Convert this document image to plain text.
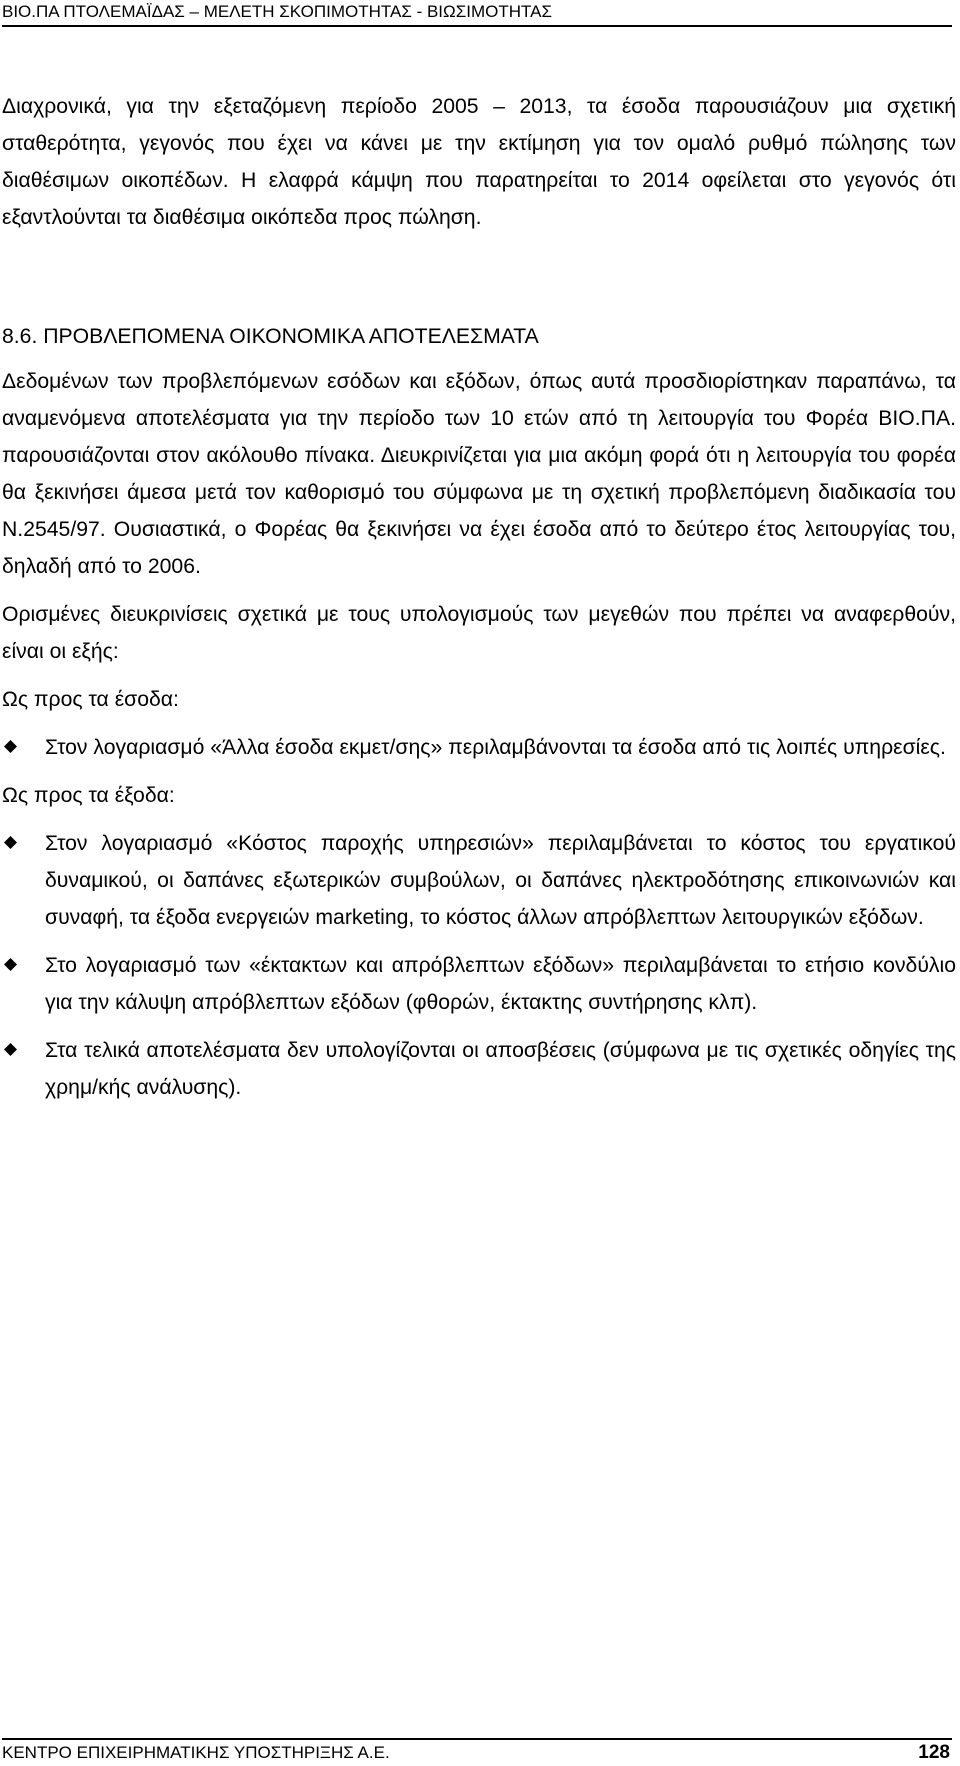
ΒΙΟ.ΠΑ ΠΤΟΛΕΜΑΪΔΑΣ – ΜΕΛΕΤΗ ΣΚΟΠΙΜΟΤΗΤΑΣ - ΒΙΩΣΙΜΟΤΗΤΑΣ

Διαχρονικά, για την εξεταζόμενη περίοδο 2005 – 2013, τα έσοδα παρουσιάζουν μια σχετική σταθερότητα, γεγονός που έχει να κάνει με την εκτίμηση για τον ομαλό ρυθμό πώλησης των διαθέσιμων οικοπέδων. Η ελαφρά κάμψη που παρατηρείται το 2014 οφείλεται στο γεγονός ότι εξαντλούνται τα διαθέσιμα οικόπεδα προς πώληση.

8.6. ΠΡΟΒΛΕΠΟΜΕΝΑ ΟΙΚΟΝΟΜΙΚΑ ΑΠΟΤΕΛΕΣΜΑΤΑ

Δεδομένων των προβλεπόμενων εσόδων και εξόδων, όπως αυτά προσδιορίστηκαν παραπάνω, τα αναμενόμενα αποτελέσματα για την περίοδο των 10 ετών από τη λειτουργία του Φορέα ΒΙΟ.ΠΑ. παρουσιάζονται στον ακόλουθο πίνακα. Διευκρινίζεται για μια ακόμη φορά ότι η λειτουργία του φορέα θα ξεκινήσει άμεσα μετά τον καθορισμό του σύμφωνα με τη σχετική προβλεπόμενη διαδικασία του Ν.2545/97. Ουσιαστικά, ο Φορέας θα ξεκινήσει να έχει έσοδα από το δεύτερο έτος λειτουργίας του, δηλαδή από το 2006.

Ορισμένες διευκρινίσεις σχετικά με τους υπολογισμούς των μεγεθών που πρέπει να αναφερθούν, είναι οι εξής:

Ως προς τα έσοδα:

Στον λογαριασμό «Άλλα έσοδα εκμετ/σης» περιλαμβάνονται τα έσοδα από τις λοιπές υπηρεσίες.

Ως προς τα έξοδα:

Στον λογαριασμό «Κόστος παροχής υπηρεσιών» περιλαμβάνεται το κόστος του εργατικού δυναμικού, οι δαπάνες εξωτερικών συμβούλων, οι δαπάνες ηλεκτροδότησης επικοινωνιών και συναφή, τα έξοδα ενεργειών marketing, το κόστος άλλων απρόβλεπτων λειτουργικών εξόδων.
Στο λογαριασμό των «έκτακτων και απρόβλεπτων εξόδων» περιλαμβάνεται το ετήσιο κονδύλιο για την κάλυψη απρόβλεπτων εξόδων (φθορών, έκτακτης συντήρησης κλπ).
Στα τελικά αποτελέσματα δεν υπολογίζονται οι αποσβέσεις (σύμφωνα με τις σχετικές οδηγίες της χρημ/κής ανάλυσης).
ΚΕΝΤΡΟ ΕΠΙΧΕΙΡΗΜΑΤΙΚΗΣ ΥΠΟΣΤΗΡΙΞΗΣ Α.Ε.	128
